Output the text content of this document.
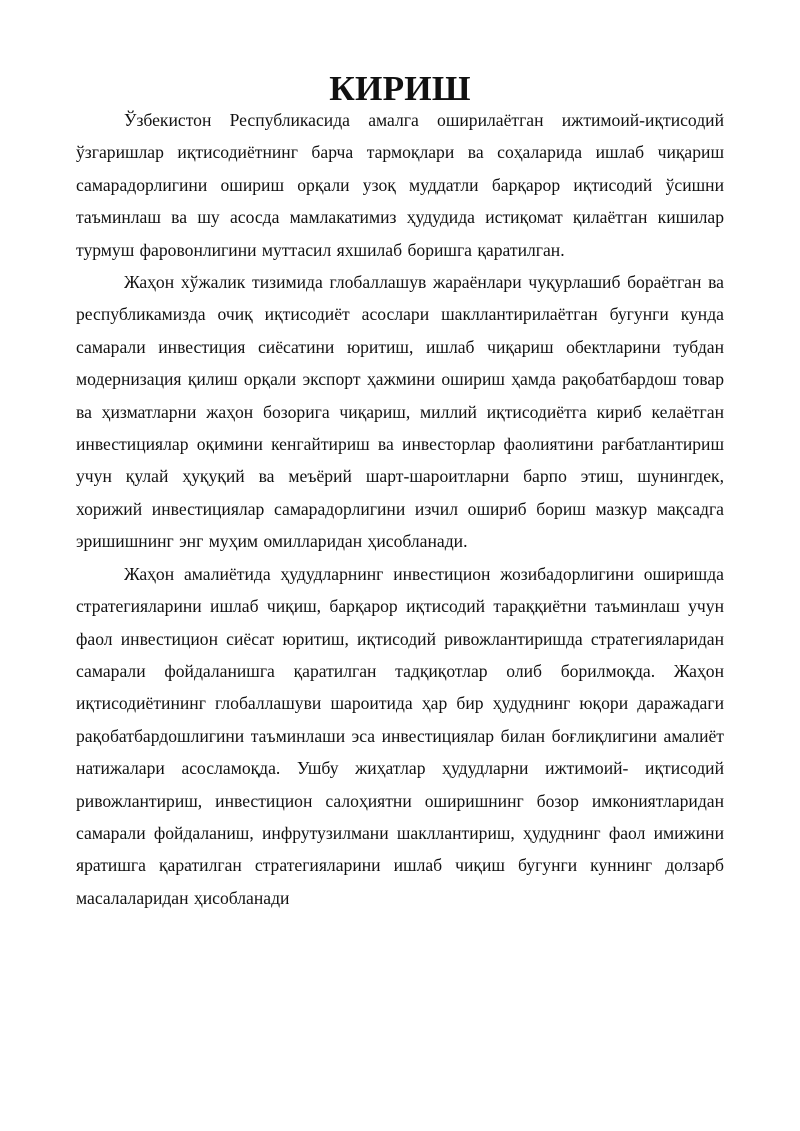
КИРИШ

Ўзбекистон Республикасида амалга оширилаётган ижтимоий-иқтисодий ўзгаришлар иқтисодиётнинг барча тармоқлари ва соҳаларида ишлаб чиқариш самарадорлигини ошириш орқали узоқ муддатли барқарор иқтисодий ўсишни таъминлаш ва шу асосда мамлакатимиз ҳудудида истиқомат қилаётган кишилар турмуш фаровонлигини муттасил яхшилаб боришга қаратилган.

Жаҳон хўжалик тизимида глобаллашув жараёнлари чуқурлашиб бораётган ва республикамизда очиқ иқтисодиёт асослари шакллантирилаётган бугунги кунда самарали инвестиция сиёсатини юритиш, ишлаб чиқариш обектларини тубдан модернизация қилиш орқали экспорт ҳажмини ошириш ҳамда рақобатбардош товар ва ҳизматларни жаҳон бозорига чиқариш, миллий иқтисодиётга кириб келаётган инвестициялар оқимини кенгайтириш ва инвесторлар фаолиятини рағбатлантириш учун қулай ҳуқуқий ва меъёрий шарт-шароитларни барпо этиш, шунингдек, хорижий инвестициялар самарадорлигини изчил ошириб бориш мазкур мақсадга эришишнинг энг муҳим омилларидан ҳисобланади.

Жаҳон амалиётида ҳудудларнинг инвестицион жозибадорлигини оширишда стратегияларини ишлаб чиқиш, барқарор иқтисодий тараққиётни таъминлаш учун фаол инвестицион сиёсат юритиш, иқтисодий ривожлантиришда стратегияларидан самарали фойдаланишга қаратилган тадқиқотлар олиб борилмоқда. Жаҳон иқтисодиётининг глобаллашуви шароитида ҳар бир ҳудуднинг юқори даражадаги рақобатбардошлигини таъминлаши эса инвестициялар билан боғлиқлигини амалиёт натижалари асосламоқда. Ушбу жиҳатлар ҳудудларни ижтимоий- иқтисодий ривожлантириш, инвестицион салоҳиятни оширишнинг бозор имкониятларидан самарали фойдаланиш, инфрутузилмани шакллантириш, ҳудуднинг фаол имижини яратишга қаратилган стратегияларини ишлаб чиқиш бугунги куннинг долзарб масалаларидан ҳисобланади
